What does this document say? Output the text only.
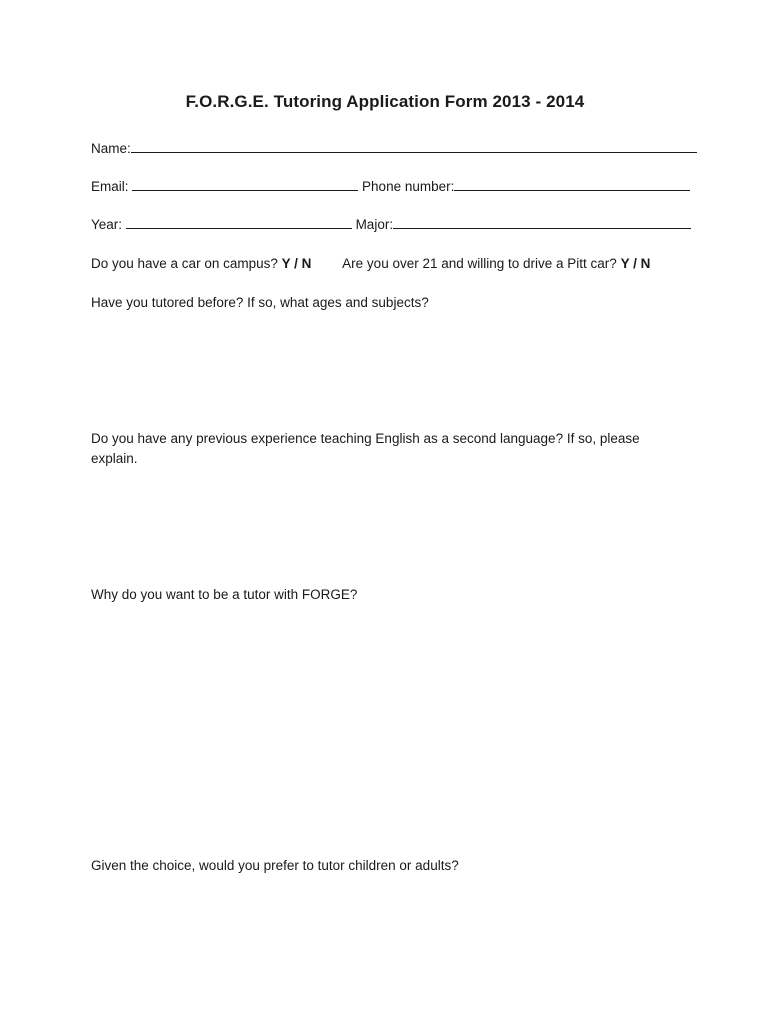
F.O.R.G.E. Tutoring Application Form 2013 - 2014
Name:
Email:	Phone number:
Year:	Major:
Do you have a car on campus? Y / N Are you over 21 and willing to drive a Pitt car? Y / N
Have you tutored before? If so, what ages and subjects?
Do you have any previous experience teaching English as a second language? If so, please explain.
Why do you want to be a tutor with FORGE?
Given the choice, would you prefer to tutor children or adults?
